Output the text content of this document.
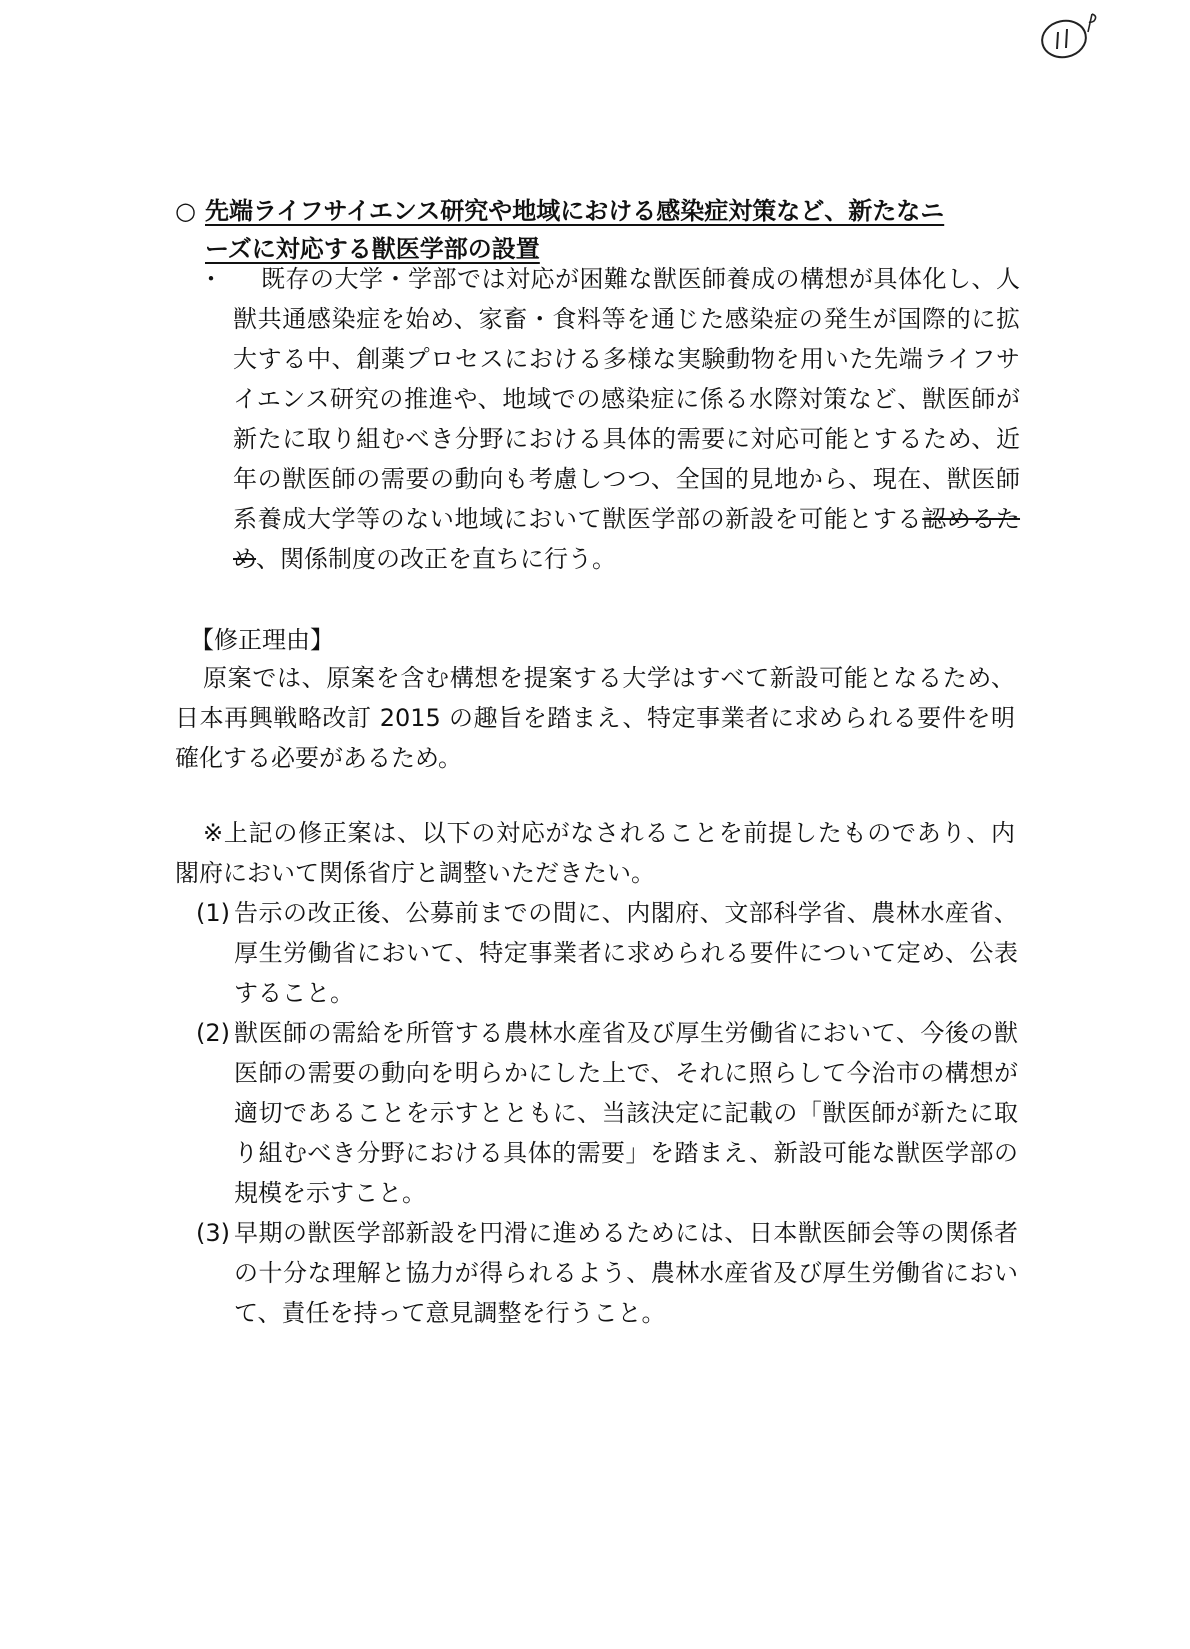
○ 先端ライフサイエンス研究や地域における感染症対策など、新たなニ
ーズに対応する獣医学部の設置
・	既存の大学・学部では対応が困難な獣医師養成の構想が具体化し、人獣共通感染症を始め、家畜・食料等を通じた感染症の発生が国際的に拡大する中、創薬プロセスにおける多様な実験動物を用いた先端ライフサイエンス研究の推進や、地域での感染症に係る水際対策など、獣医師が新たに取り組むべき分野における具体的需要に対応可能とするため、近年の獣医師の需要の動向も考慮しつつ、全国的見地から、現在、獣医師系養成大学等のない地域において獣医学部の新設を可能とする認めるため、関係制度の改正を直ちに行う。
【修正理由】
原案では、原案を含む構想を提案する大学はすべて新設可能となるため、日本再興戦略改訂 2015 の趣旨を踏まえ、特定事業者に求められる要件を明確化する必要があるため。
※上記の修正案は、以下の対応がなされることを前提したものであり、内閣府において関係省庁と調整いただきたい。
(1) 告示の改正後、公募前までの間に、内閣府、文部科学省、農林水産省、厚生労働省において、特定事業者に求められる要件について定め、公表すること。
(2) 獣医師の需給を所管する農林水産省及び厚生労働省において、今後の獣医師の需要の動向を明らかにした上で、それに照らして今治市の構想が適切であることを示すとともに、当該決定に記載の「獣医師が新たに取り組むべき分野における具体的需要」を踏まえ、新設可能な獣医学部の規模を示すこと。
(3) 早期の獣医学部新設を円滑に進めるためには、日本獣医師会等の関係者の十分な理解と協力が得られるよう、農林水産省及び厚生労働省において、責任を持って意見調整を行うこと。
